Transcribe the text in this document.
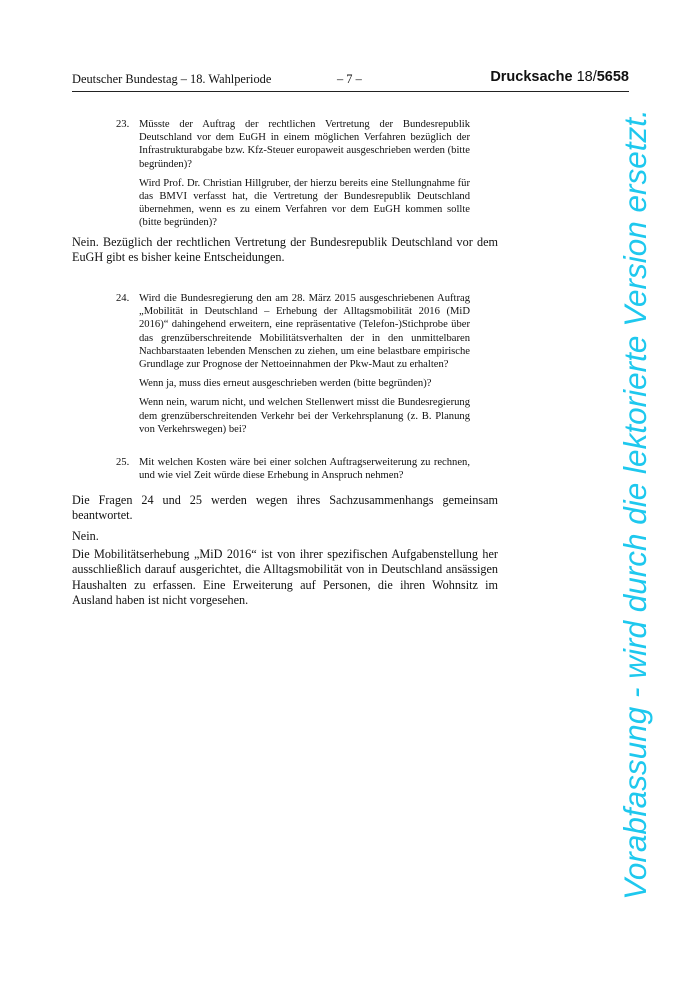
Deutscher Bundestag – 18. Wahlperiode	– 7 –	Drucksache 18/5658
23. Müsste der Auftrag der rechtlichen Vertretung der Bundesrepublik Deutschland vor dem EuGH in einem möglichen Verfahren bezüglich der Infrastrukturabgabe bzw. Kfz-Steuer europaweit ausgeschrieben werden (bitte begründen)?

Wird Prof. Dr. Christian Hillgruber, der hierzu bereits eine Stellungnahme für das BMVI verfasst hat, die Vertretung der Bundesrepublik Deutschland übernehmen, wenn es zu einem Verfahren vor dem EuGH kommen sollte (bitte begründen)?

Nein. Bezüglich der rechtlichen Vertretung der Bundesrepublik Deutschland vor dem EuGH gibt es bisher keine Entscheidungen.

24. Wird die Bundesregierung den am 28. März 2015 ausgeschriebenen Auftrag „Mobilität in Deutschland – Erhebung der Alltagsmobilität 2016 (MiD 2016)“ dahingehend erweitern, eine repräsentative (Telefon-)Stichprobe über das grenzüberschreitende Mobilitätsverhalten der in den unmittelbaren Nachbarstaaten lebenden Menschen zu ziehen, um eine belastbare empirische Grundlage zur Prognose der Nettoeinnahmen der Pkw-Maut zu erhalten?

Wenn ja, muss dies erneut ausgeschrieben werden (bitte begründen)?

Wenn nein, warum nicht, und welchen Stellenwert misst die Bundesregierung dem grenzüberschreitenden Verkehr bei der Verkehrsplanung (z. B. Planung von Verkehrswegen) bei?

25. Mit welchen Kosten wäre bei einer solchen Auftragserweiterung zu rechnen, und wie viel Zeit würde diese Erhebung in Anspruch nehmen?

Die Fragen 24 und 25 werden wegen ihres Sachzusammenhangs gemeinsam beantwortet.

Nein.

Die Mobilitätserhebung „MiD 2016“ ist von ihrer spezifischen Aufgabenstellung her ausschließlich darauf ausgerichtet, die Alltagsmobilität von in Deutschland ansässigen Haushalten zu erfassen. Eine Erweiterung auf Personen, die ihren Wohnsitz im Ausland haben ist nicht vorgesehen.	Vorabfassung - wird durch die lektorierte Version ersetzt.
